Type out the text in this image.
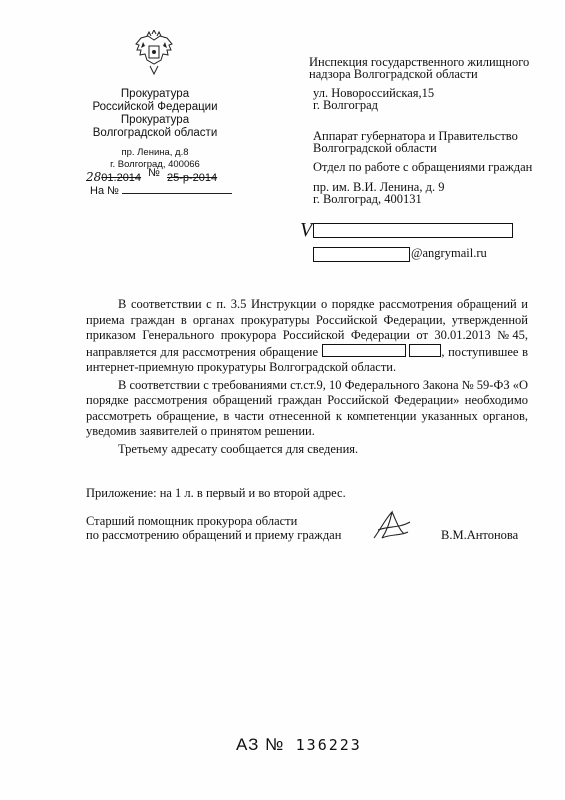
Прокуратура
Российской Федерации
Прокуратура
Волгоградской области
пр. Ленина, д.8
г. Волгоград, 400066
2801.2014 № 25-р-2014
На №
Инспекция государственного жилищного
надзора Волгоградской области
ул. Новороссийская,15
г. Волгоград
Аппарат губернатора и Правительство
Волгоградской области
Отдел по работе с обращениями граждан
пр. им. В.И. Ленина, д. 9
г. Волгоград, 400131
V
@angrymail.ru

В соответствии с п. 3.5 Инструкции о порядке рассмотрения обращений и приема граждан в органах прокуратуры Российской Федерации, утвержденной приказом Генерального прокурора Российской Федерации от 30.01.2013 №45, направляется для рассмотрения обращение	, поступившее в интернет-приемную прокуратуры Волгоградской области.

В соответствии с требованиями ст.ст.9, 10 Федерального Закона № 59-ФЗ «О порядке рассмотрения обращений граждан Российской Федерации» необходимо рассмотреть обращение, в части отнесенной к компетенции указанных органов, уведомив заявителей о принятом решении.

Третьему адресату сообщается для сведения.

Приложение: на 1 л. в первый и во второй адрес.
Старший помощник прокурора области
по рассмотрению обращений и приему граждан	В.М.Антонова
АЗ № 136223
